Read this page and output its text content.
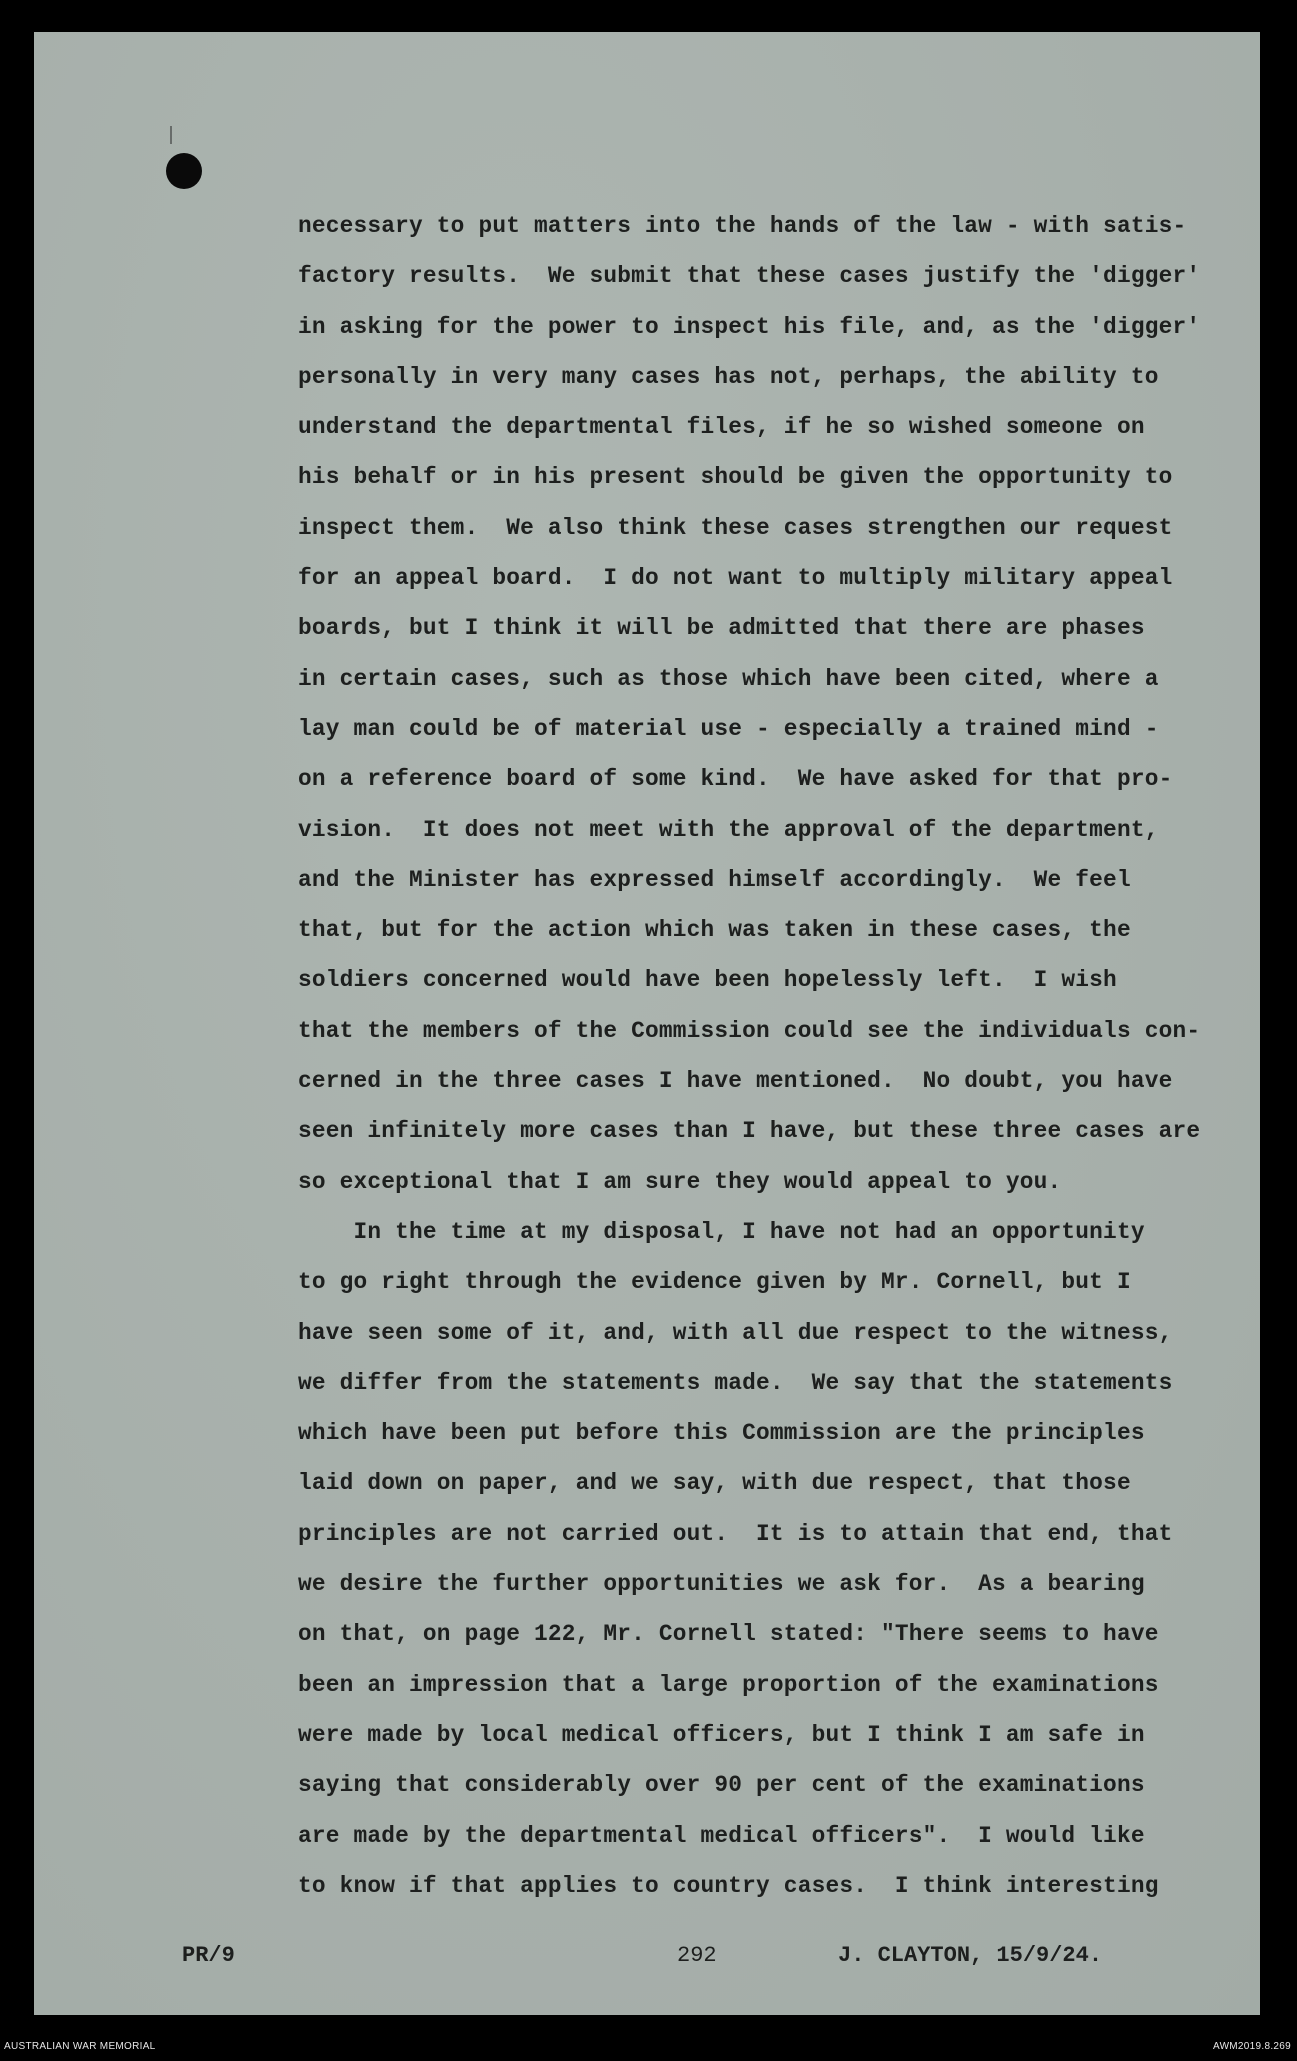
necessary to put matters into the hands of the law - with satis-
factory results.  We submit that these cases justify the 'digger'
in asking for the power to inspect his file, and, as the 'digger'
personally in very many cases has not, perhaps, the ability to
understand the departmental files, if he so wished someone on
his behalf or in his present should be given the opportunity to
inspect them.  We also think these cases strengthen our request
for an appeal board.  I do not want to multiply military appeal
boards, but I think it will be admitted that there are phases
in certain cases, such as those which have been cited, where a
lay man could be of material use - especially a trained mind -
on a reference board of some kind.  We have asked for that pro-
vision.  It does not meet with the approval of the department,
and the Minister has expressed himself accordingly.  We feel
that, but for the action which was taken in these cases, the
soldiers concerned would have been hopelessly left.  I wish
that the members of the Commission could see the individuals con-
cerned in the three cases I have mentioned.  No doubt, you have
seen infinitely more cases than I have, but these three cases are
so exceptional that I am sure they would appeal to you.
In the time at my disposal, I have not had an opportunity
to go right through the evidence given by Mr. Cornell, but I
have seen some of it, and, with all due respect to the witness,
we differ from the statements made.  We say that the statements
which have been put before this Commission are the principles
laid down on paper, and we say, with due respect, that those
principles are not carried out.  It is to attain that end, that
we desire the further opportunities we ask for.  As a bearing
on that, on page 122, Mr. Cornell stated: "There seems to have
been an impression that a large proportion of the examinations
were made by local medical officers, but I think I am safe in
saying that considerably over 90 per cent of the examinations
are made by the departmental medical officers".  I would like
to know if that applies to country cases.  I think interesting
PR/9	292	J. CLAYTON, 15/9/24.
AUSTRALIAN WAR MEMORIAL	AWM2019.8.269
